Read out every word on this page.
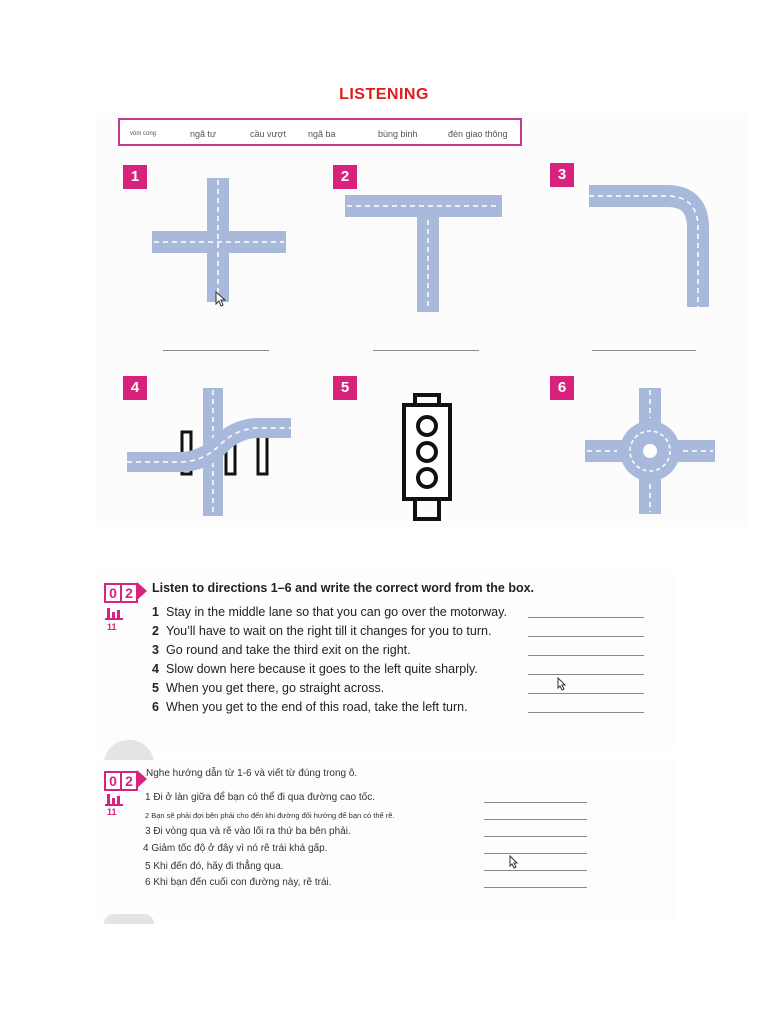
LISTENING
vòm cong	ngã tư	cầu vượt ngã ba	bùng binh	đèn giao thông
1	2	3
4	5	6
0 2
11
Listen to directions 1–6 and write the correct word from the box.
1 Stay in the middle lane so that you can go over the motorway.
2 You’ll have to wait on the right till it changes for you to turn.
3 Go round and take the third exit on the right.
4 Slow down here because it goes to the left quite sharply.
5 When you get there, go straight across.
6 When you get to the end of this road, take the left turn.
0 2
11
Nghe hướng dẫn từ 1-6 và viết từ đúng trong ô.
1 Đi ở làn giữa để bạn có thể đi qua đường cao tốc.
2 Bạn sẽ phải đợi bên phải cho đến khi đường đổi hướng để bạn có thể rẽ.
3 Đi vòng qua và rẽ vào lối ra thứ ba bên phải.
4 Giảm tốc độ ở đây vì nó rẽ trái khá gấp.
5 Khi đến đó, hãy đi thẳng qua.
6 Khi bạn đến cuối con đường này, rẽ trái.
